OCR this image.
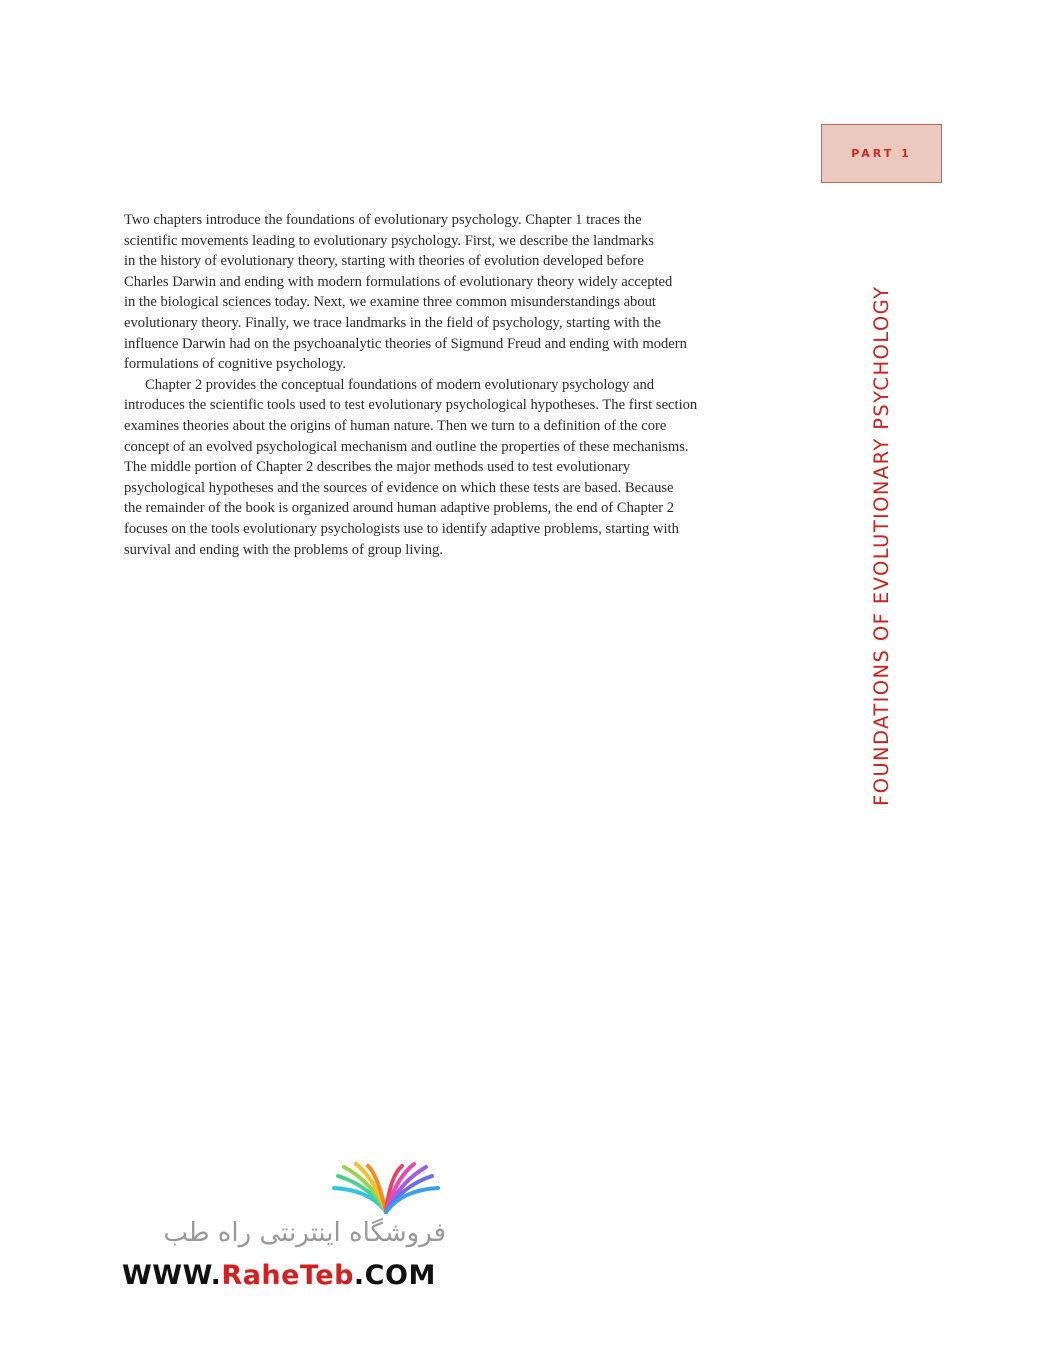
PART 1
FOUNDATIONS OF EVOLUTIONARY PSYCHOLOGY
Two chapters introduce the foundations of evolutionary psychology. Chapter 1 traces the
scientific movements leading to evolutionary psychology. First, we describe the landmarks
in the history of evolutionary theory, starting with theories of evolution developed before
Charles Darwin and ending with modern formulations of evolutionary theory widely accepted
in the biological sciences today. Next, we examine three common misunderstandings about
evolutionary theory. Finally, we trace landmarks in the field of psychology, starting with the
influence Darwin had on the psychoanalytic theories of Sigmund Freud and ending with modern
formulations of cognitive psychology.
Chapter 2 provides the conceptual foundations of modern evolutionary psychology and
introduces the scientific tools used to test evolutionary psychological hypotheses. The first section
examines theories about the origins of human nature. Then we turn to a definition of the core
concept of an evolved psychological mechanism and outline the properties of these mechanisms.
The middle portion of Chapter 2 describes the major methods used to test evolutionary
psychological hypotheses and the sources of evidence on which these tests are based. Because
the remainder of the book is organized around human adaptive problems, the end of Chapter 2
focuses on the tools evolutionary psychologists use to identify adaptive problems, starting with
survival and ending with the problems of group living.
فروشگاه اینترنتی راه طب
WWW.RaheTeb.COM
